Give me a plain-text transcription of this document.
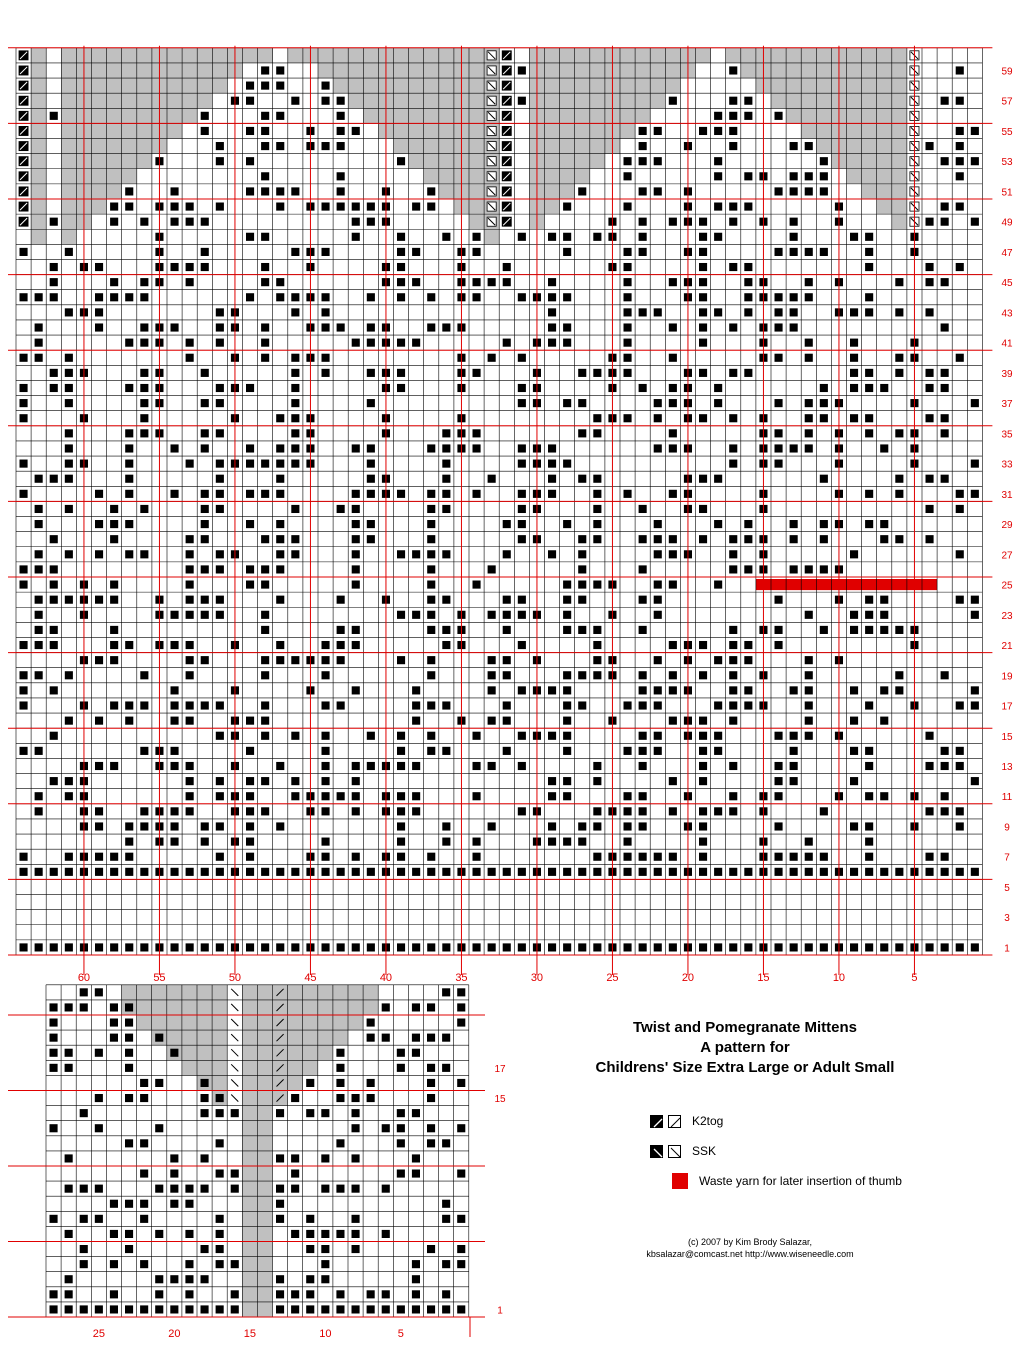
1
3
5
7
9
11
13
15
17
19
21
23
25
27
29
31
33
35
37
39
41
43
45
47
49
51
53
55
57
59
60	55	50	45	40	35	30	25	20	15	10	5
1
15
17
25	20	15	10	5
Twist and Pomegranate Mittens
A pattern for
Childrens' Size Extra Large or Adult Small
K2tog
SSK
Waste yarn for later insertion of thumb
(c) 2007 by Kim Brody Salazar,
kbsalazar@comcast.net http://www.wiseneedle.com
